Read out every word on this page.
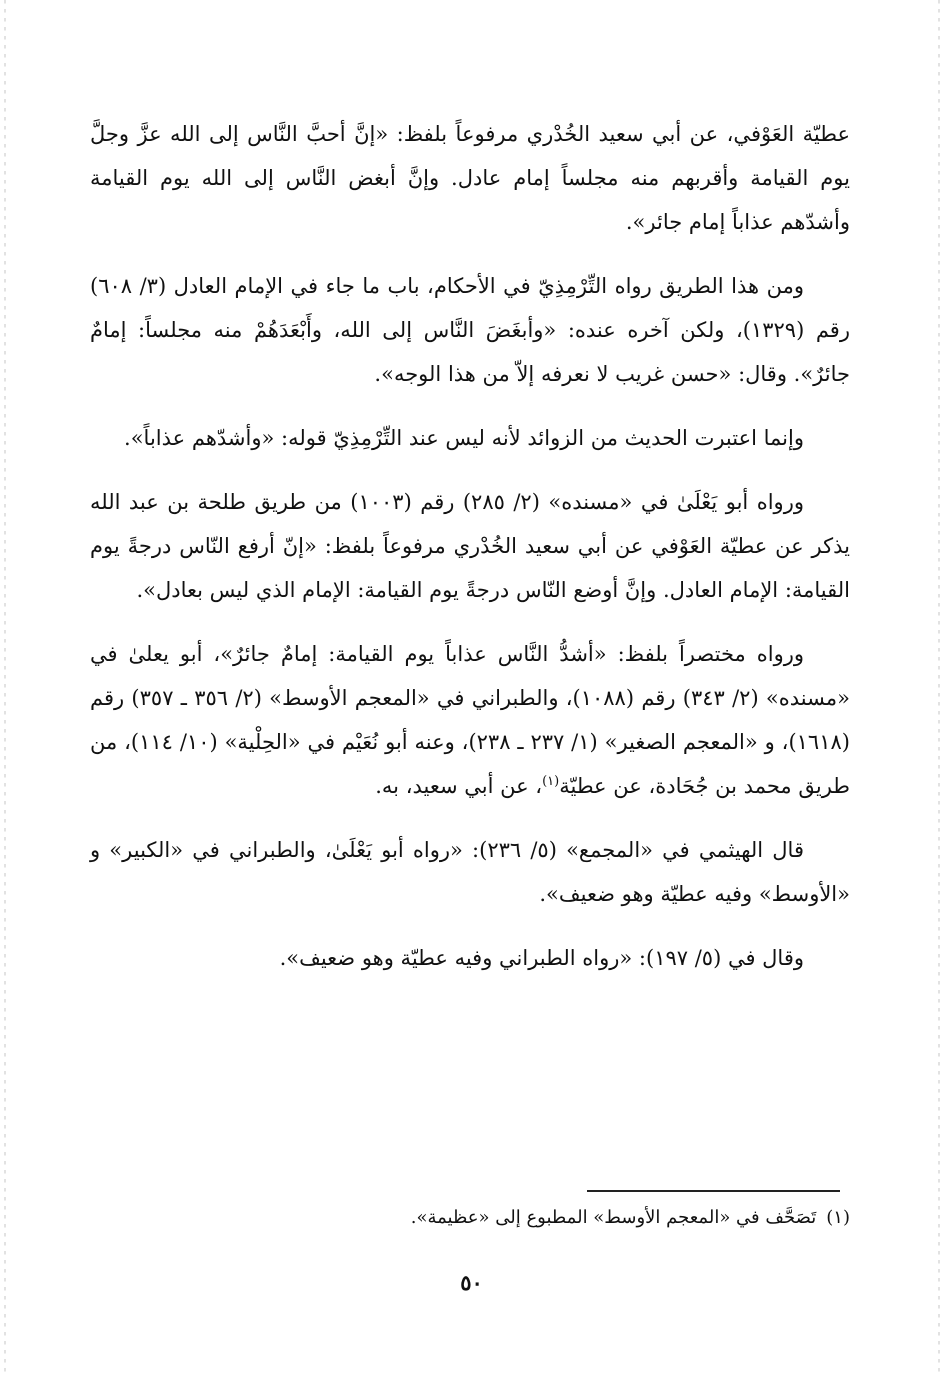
عطيّة العَوْفي، عن أبي سعيد الخُدْري مرفوعاً بلفظ: «إنَّ أحبَّ النَّاس إلى الله عزَّ وجلَّ يوم القيامة وأقربهم منه مجلساً إمام عادل. وإنَّ أبغض النَّاس إلى الله يوم القيامة وأشدّهم عذاباً إمام جائر».

ومن هذا الطريق رواه التِّرْمِذِيّ في الأحكام، باب ما جاء في الإمام العادل (٣/ ٦٠٨) رقم (١٣٢٩)، ولكن آخره عنده: «وأبغَضَ النَّاس إلى الله، وأَبْعَدَهُمْ منه مجلساً: إمامٌ جائرٌ». وقال: «حسن غريب لا نعرفه إلاّ من هذا الوجه».

وإنما اعتبرت الحديث من الزوائد لأنه ليس عند التِّرْمِذِيّ قوله: «وأشدّهم عذاباً».

ورواه أبو يَعْلَىٰ في «مسنده» (٢/ ٢٨٥) رقم (١٠٠٣) من طريق طلحة بن عبد الله يذكر عن عطيّة العَوْفي عن أبي سعيد الخُدْري مرفوعاً بلفظ: «إنّ أرفع النّاس درجةً يوم القيامة: الإمام العادل. وإنَّ أوضع النّاس درجةً يوم القيامة: الإمام الذي ليس بعادل».

ورواه مختصراً بلفظ: «أشدُّ النَّاس عذاباً يوم القيامة: إمامٌ جائرٌ»، أبو يعلىٰ في «مسنده» (٢/ ٣٤٣) رقم (١٠٨٨)، والطبراني في «المعجم الأوسط» (٢/ ٣٥٦ ـ ٣٥٧) رقم (١٦١٨)، و «المعجم الصغير» (١/ ٢٣٧ ـ ٢٣٨)، وعنه أبو نُعَيْم في «الحِلْية» (١٠/ ١١٤)، من طريق محمد بن جُحَادة، عن عطيّة$^{(١)}$، عن أبي سعيد، به.

قال الهيثمي في «المجمع» (٥/ ٢٣٦): «رواه أبو يَعْلَىٰ، والطبراني في «الكبير» و «الأوسط» وفيه عطيّة وهو ضعيف».

وقال في (٥/ ١٩٧): «رواه الطبراني وفيه عطيّة وهو ضعيف».

(١)تَصَحَّف في «المعجم الأوسط» المطبوع إلى «عظيمة».
٥٠
